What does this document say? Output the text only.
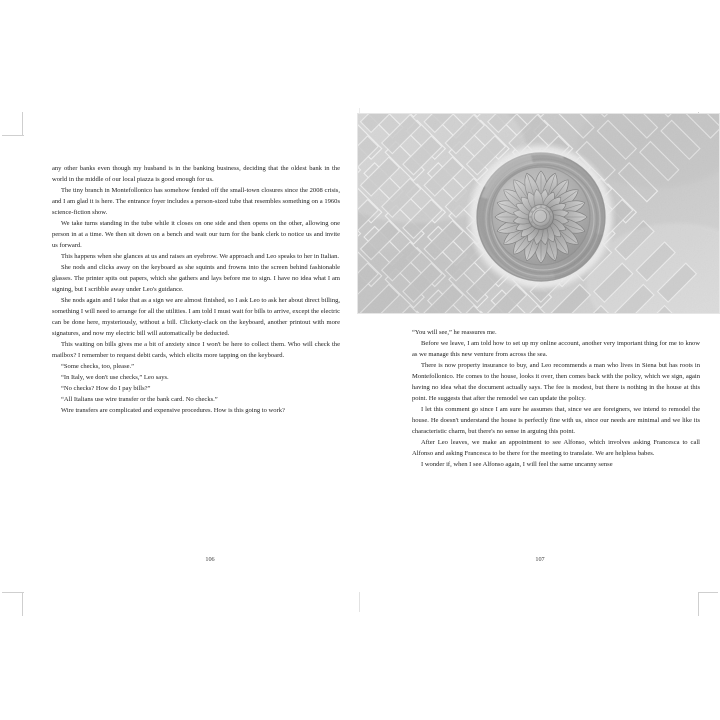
any other banks even though my husband is in the banking business, deciding that the oldest bank in the world in the middle of our local piazza is good enough for us.

The tiny branch in Montefollonico has somehow fended off the small-town closures since the 2008 crisis, and I am glad it is here. The entrance foyer includes a person-sized tube that resembles something on a 1960s science-fiction show.

We take turns standing in the tube while it closes on one side and then opens on the other, allowing one person in at a time. We then sit down on a bench and wait our turn for the bank clerk to notice us and invite us forward.

This happens when she glances at us and raises an eyebrow. We approach and Leo speaks to her in Italian.

She nods and clicks away on the keyboard as she squints and frowns into the screen behind fashionable glasses. The printer spits out papers, which she gathers and lays before me to sign. I have no idea what I am signing, but I scribble away under Leo's guidance.

She nods again and I take that as a sign we are almost finished, so I ask Leo to ask her about direct billing, something I will need to arrange for all the utilities. I am told I must wait for bills to arrive, except the electric can be done here, mysteriously, without a bill. Clickety-clack on the keyboard, another printout with more signatures, and now my electric bill will automatically be deducted.

This waiting on bills gives me a bit of anxiety since I won't be here to collect them. Who will check the mailbox? I remember to request debit cards, which elicits more tapping on the keyboard.

“Some checks, too, please.”

“In Italy, we don't use checks,” Leo says.

“No checks? How do I pay bills?”

“All Italians use wire transfer or the bank card. No checks.”

Wire transfers are complicated and expensive procedures. How is this going to work?

106

“You will see,” he reassures me.

Before we leave, I am told how to set up my online account, another very important thing for me to know as we manage this new venture from across the sea.

There is now property insurance to buy, and Leo recommends a man who lives in Siena but has roots in Montefollonico. He comes to the house, looks it over, then comes back with the policy, which we sign, again having no idea what the document actually says. The fee is modest, but there is nothing in the house at this point. He suggests that after the remodel we can update the policy.

I let this comment go since I am sure he assumes that, since we are foreigners, we intend to remodel the house. He doesn't understand the house is perfectly fine with us, since our needs are minimal and we like its characteristic charm, but there's no sense in arguing this point.

After Leo leaves, we make an appointment to see Alfonso, which involves asking Francesca to call Alfonso and asking Francesca to be there for the meeting to translate. We are helpless babes.

I wonder if, when I see Alfonso again, I will feel the same uncanny sense

107
